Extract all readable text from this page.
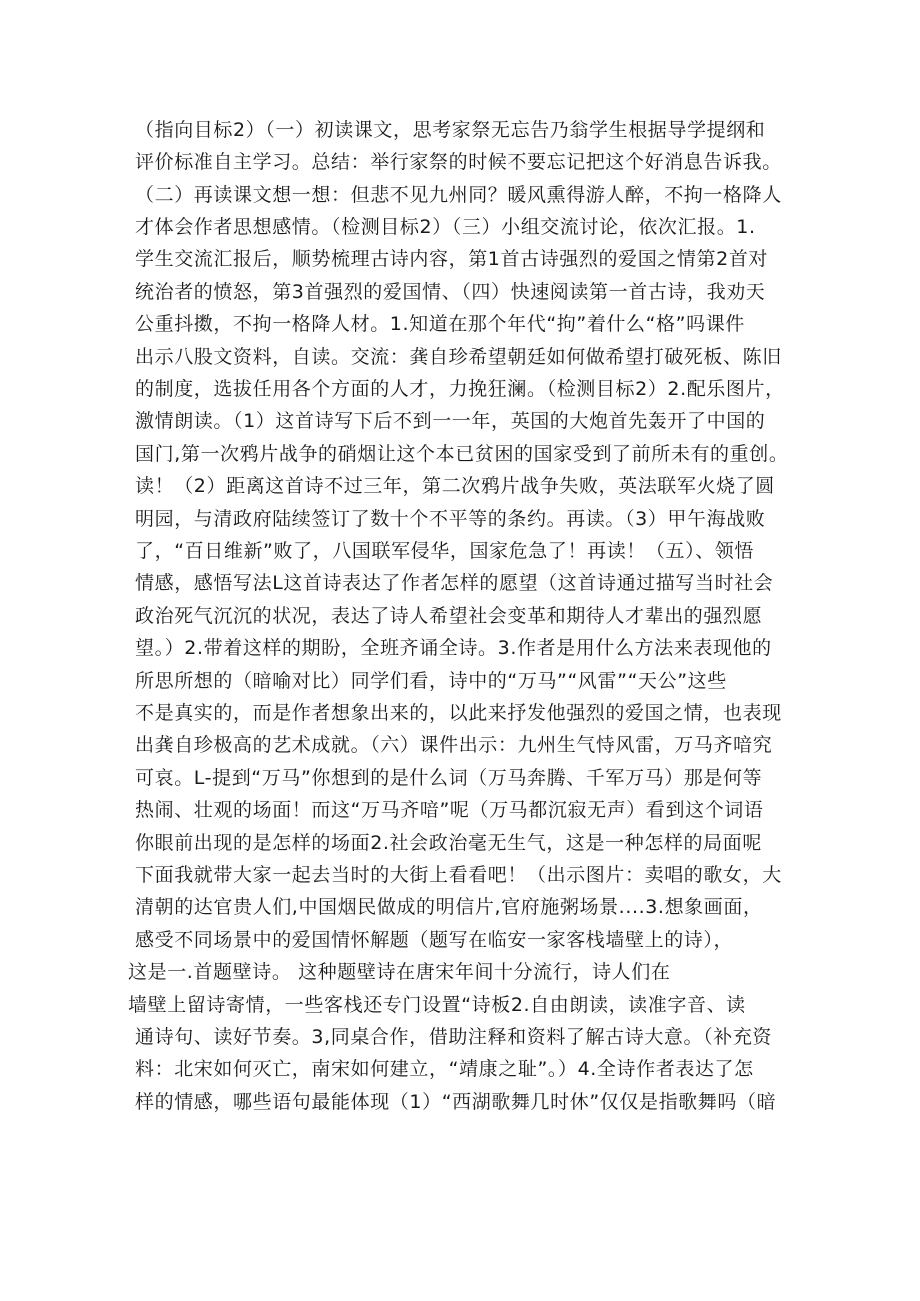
（指向目标2）（一）初读课文，思考家祭无忘告乃翁学生根据导学提纲和
评价标准自主学习。总结：举行家祭的时候不要忘记把这个好消息告诉我。
（二）再读课文想一想：但悲不见九州同？暖风熏得游人醉，不拘一格降人
才体会作者思想感情。（检测目标2）（三）小组交流讨论，依次汇报。1.
学生交流汇报后，顺势梳理古诗内容，第1首古诗强烈的爱国之情第2首对
统治者的愤怒，第3首强烈的爱国情、（四）快速阅读第一首古诗，我劝天
公重抖擞，不拘一格降人材。1.知道在那个年代“拘”着什么“格”吗课件
出示八股文资料，自读。交流：龚自珍希望朝廷如何做希望打破死板、陈旧
的制度，选拔任用各个方面的人才，力挽狂澜。（检测目标2）2.配乐图片，
激情朗读。（1）这首诗写下后不到一一年，英国的大炮首先轰开了中国的
国门,第一次鸦片战争的硝烟让这个本已贫困的国家受到了前所未有的重创。
读！（2）距离这首诗不过三年，第二次鸦片战争失败，英法联军火烧了圆
明园，与清政府陆续签订了数十个不平等的条约。再读。（3）甲午海战败
了，“百日维新”败了，八国联军侵华，国家危急了！再读！（五）、领悟
情感，感悟写法L这首诗表达了作者怎样的愿望（这首诗通过描写当时社会
政治死气沉沉的状况，表达了诗人希望社会变革和期待人才辈出的强烈愿
望。）2.带着这样的期盼，全班齐诵全诗。3.作者是用什么方法来表现他的
所思所想的（暗喻对比）同学们看，诗中的“万马”“风雷”“天公”这些
不是真实的，而是作者想象出来的，以此来抒发他强烈的爱国之情，也表现
出龚自珍极高的艺术成就。（六）课件出示：九州生气恃风雷，万马齐喑究
可哀。L-提到“万马”你想到的是什么词（万马奔腾、千军万马）那是何等
热闹、壮观的场面！而这“万马齐喑”呢（万马都沉寂无声）看到这个词语
你眼前出现的是怎样的场面2.社会政治毫无生气，这是一种怎样的局面呢
下面我就带大家一起去当时的大街上看看吧！（出示图片：卖唱的歌女，大
清朝的达官贵人们,中国烟民做成的明信片,官府施粥场景....3.想象画面，
感受不同场景中的爱国情怀解题（题写在临安一家客栈墙壁上的诗），
这是一.首题壁诗。 这种题壁诗在唐宋年间十分流行，诗人们在
墙壁上留诗寄情，一些客栈还专门设置“诗板2.自由朗读，读准字音、读
通诗句、读好节奏。3,同桌合作，借助注释和资料了解古诗大意。（补充资
料：北宋如何灭亡，南宋如何建立，“靖康之耻”。）4.全诗作者表达了怎
样的情感，哪些语句最能体现（1）“西湖歌舞几时休”仅仅是指歌舞吗（暗
